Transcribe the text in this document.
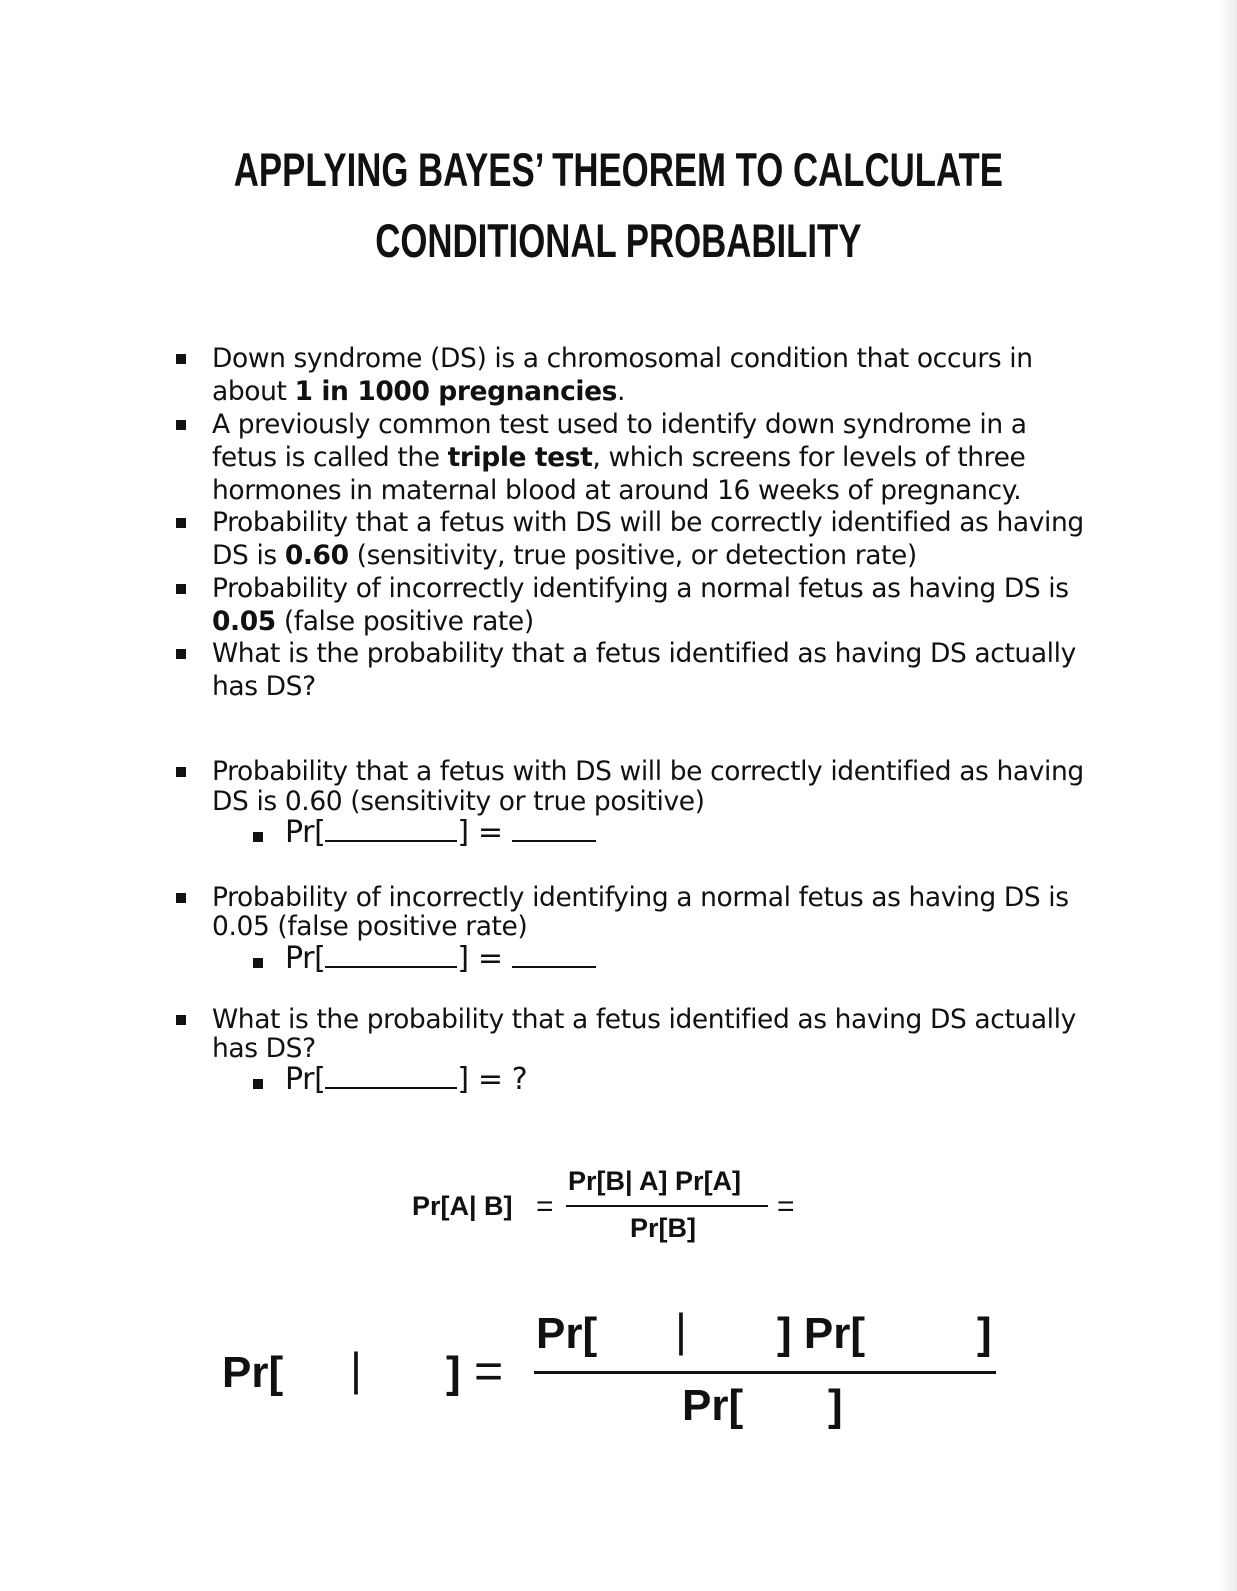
APPLYING BAYES’ THEOREM TO CALCULATE
CONDITIONAL PROBABILITY
Down syndrome (DS) is a chromosomal condition that occurs in
about 1 in 1000 pregnancies.
A previously common test used to identify down syndrome in a
fetus is called the triple test, which screens for levels of three
hormones in maternal blood at around 16 weeks of pregnancy.
Probability that a fetus with DS will be correctly identified as having
DS is 0.60 (sensitivity, true positive, or detection rate)
Probability of incorrectly identifying a normal fetus as having DS is
0.05 (false positive rate)
What is the probability that a fetus identified as having DS actually
has DS?
Probability that a fetus with DS will be correctly identified as having
DS is 0.60 (sensitivity or true positive)
Pr[	] =
Probability of incorrectly identifying a normal fetus as having DS is
0.05 (false positive rate)
Pr[	] =
What is the probability that a fetus identified as having DS actually
has DS?
Pr[	] = ?
Pr[A| B] =
Pr[B| A] Pr[A]
Pr[B]
=
Pr[ | ] =
Pr[ | ] Pr[	]
Pr[ ]
